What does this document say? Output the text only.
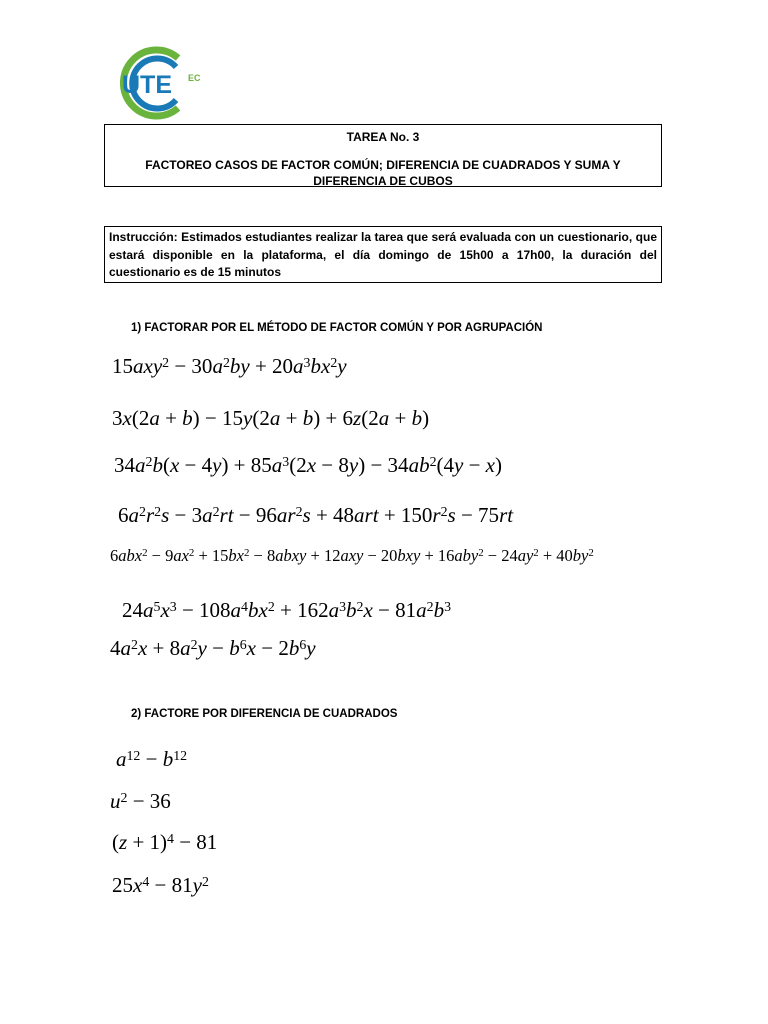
UTE EC
TAREA No. 3
FACTOREO CASOS DE FACTOR COMÚN; DIFERENCIA DE CUADRADOS Y SUMA Y DIFERENCIA DE CUBOS
Instrucción: Estimados estudiantes realizar la tarea que será evaluada con un cuestionario, que estará disponible en la plataforma, el día domingo de 15h00 a 17h00, la duración del cuestionario es de 15 minutos
1) FACTORAR POR EL MÉTODO DE FACTOR COMÚN Y POR AGRUPACIÓN
$15axy^2 - 30a^2by + 20a^3bx^2y$
3x(2a + b) − 15y(2a + b) + 6z(2a + b)
$34a^2b(x - 4y) + 85a^3(2x - 8y) - 34ab^2(4y - x)$
$6a^2r^2s - 3a^2rt - 96ar^2s + 48art + 150r^2s - 75rt$
$6abx^2 - 9ax^2 + 15bx^2$ − 8abxy + $12axy - 20bxy + 16aby^2 - 24ay^2 + 40by^2$
$24a^5x^3 - 108a^4bx^2 + 162a^3b^2x - 81a^2b^3$
$4a^2x + 8a^2y - b^6x - 2b^6y$
2) FACTORE POR DIFERENCIA DE CUADRADOS
$a^{12} - b^{12}$
$u^2 - 36$
$(z + 1)^4 - 81$
$25x^4 - 81y^2$
